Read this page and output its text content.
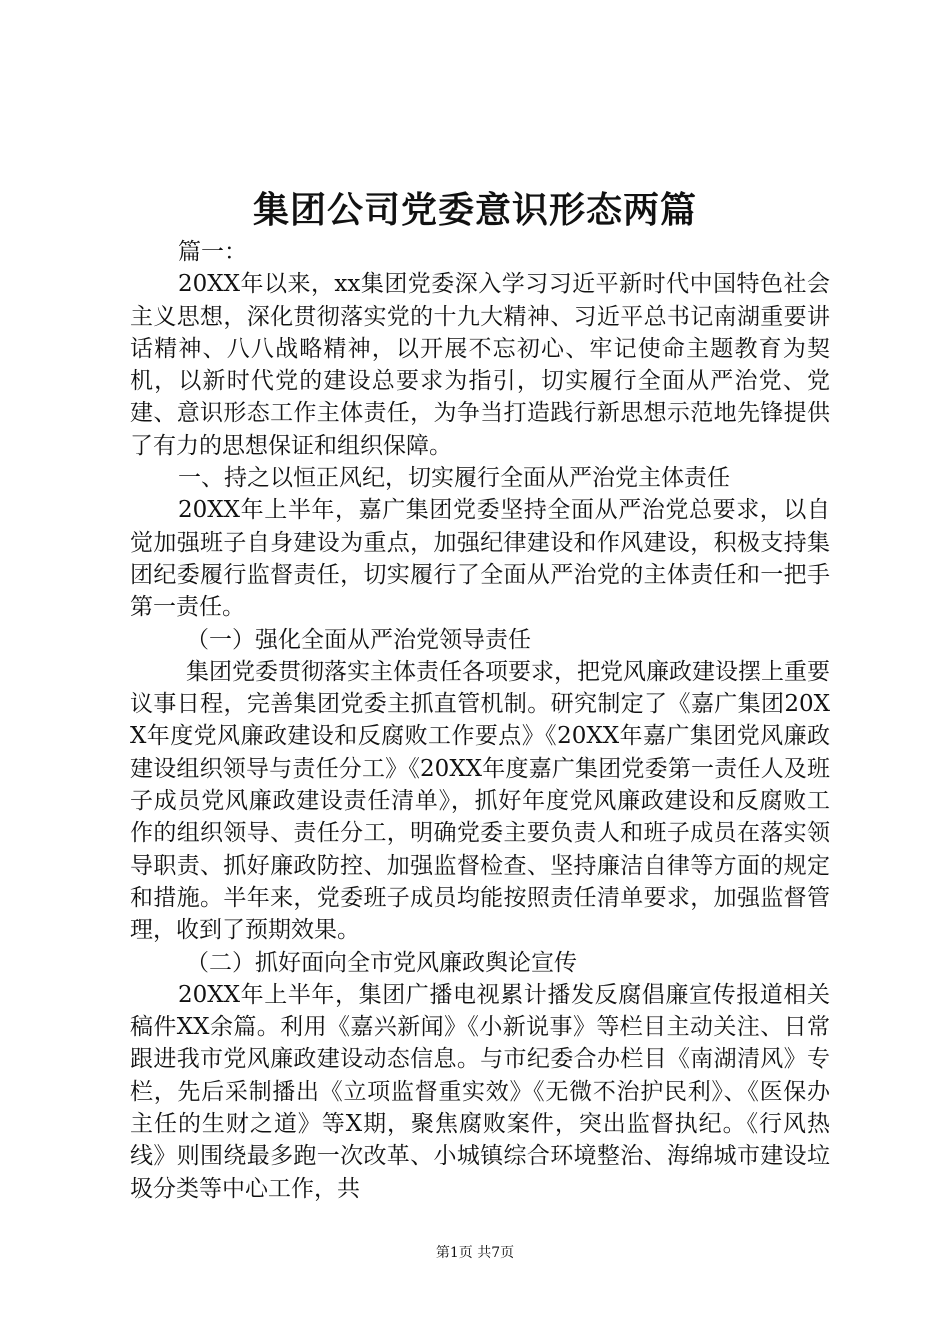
集团公司党委意识形态两篇

篇一：

20XX年以来，xx集团党委深入学习习近平新时代中国特色社会主义思想，深化贯彻落实党的十九大精神、习近平总书记南湖重要讲话精神、八八战略精神，以开展不忘初心、牢记使命主题教育为契机，以新时代党的建设总要求为指引，切实履行全面从严治党、党建、意识形态工作主体责任，为争当打造践行新思想示范地先锋提供了有力的思想保证和组织保障。

一、持之以恒正风纪，切实履行全面从严治党主体责任

20XX年上半年，嘉广集团党委坚持全面从严治党总要求，以自觉加强班子自身建设为重点，加强纪律建设和作风建设，积极支持集团纪委履行监督责任，切实履行了全面从严治党的主体责任和一把手第一责任。

（一）强化全面从严治党领导责任

集团党委贯彻落实主体责任各项要求，把党风廉政建设摆上重要议事日程，完善集团党委主抓直管机制。研究制定了《嘉广集团20XX年度党风廉政建设和反腐败工作要点》《20XX年嘉广集团党风廉政建设组织领导与责任分工》《20XX年度嘉广集团党委第一责任人及班子成员党风廉政建设责任清单》，抓好年度党风廉政建设和反腐败工作的组织领导、责任分工，明确党委主要负责人和班子成员在落实领导职责、抓好廉政防控、加强监督检查、坚持廉洁自律等方面的规定和措施。半年来，党委班子成员均能按照责任清单要求，加强监督管理，收到了预期效果。

（二）抓好面向全市党风廉政舆论宣传

20XX年上半年，集团广播电视累计播发反腐倡廉宣传报道相关稿件XX余篇。利用《嘉兴新闻》《小新说事》等栏目主动关注、日常跟进我市党风廉政建设动态信息。与市纪委合办栏目《南湖清风》专栏，先后采制播出《立项监督重实效》《无微不治护民利》、《医保办主任的生财之道》等X期，聚焦腐败案件，突出监督执纪。《行风热线》则围绕最多跑一次改革、小城镇综合环境整治、海绵城市建设垃圾分类等中心工作，共

第1页 共7页
